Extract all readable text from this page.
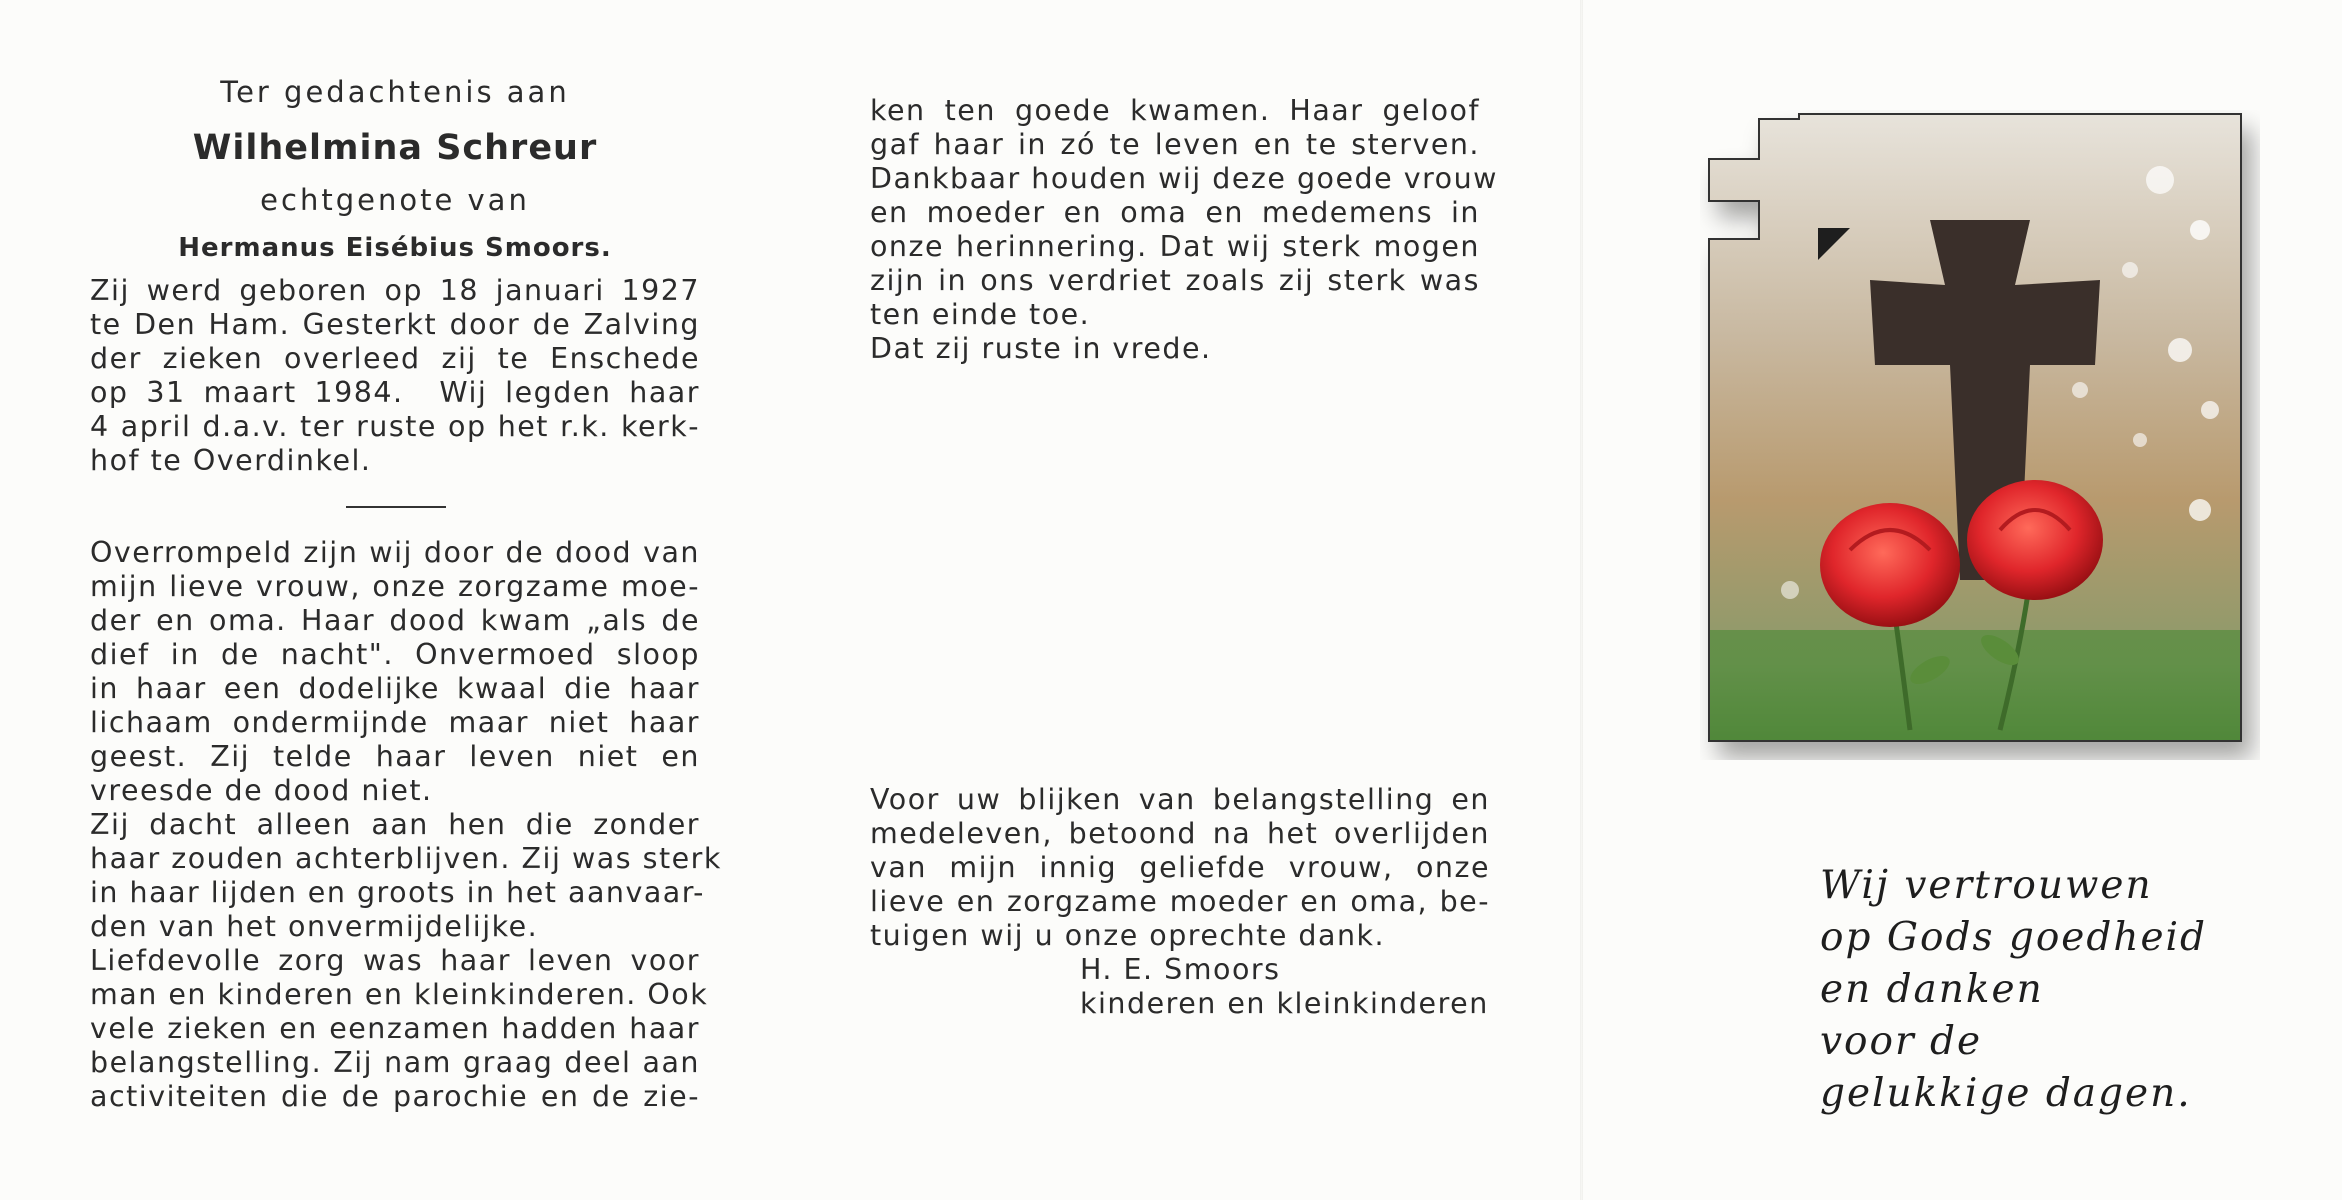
Ter gedachtenis aan
Wilhelmina Schreur
echtgenote van
Hermanus Eisébius Smoors.
Zij werd geboren op 18 januari 1927
te Den Ham. Gesterkt door de Zalving
der zieken overleed zij te Enschede
op 31 maart 1984.  Wij legden haar
4 april d.a.v. ter ruste op het r.k. kerk-
hof te Overdinkel.
Overrompeld zijn wij door de dood van
mijn lieve vrouw, onze zorgzame moe-
der en oma. Haar dood kwam „als de
dief in de nacht". Onvermoed sloop
in haar een dodelijke kwaal die haar
lichaam ondermijnde maar niet haar
geest. Zij telde haar leven niet en
vreesde de dood niet.
Zij dacht alleen aan hen die zonder
haar zouden achterblijven. Zij was sterk
in haar lijden en groots in het aanvaar-
den van het onvermijdelijke.
Liefdevolle zorg was haar leven voor
man en kinderen en kleinkinderen. Ook
vele zieken en eenzamen hadden haar
belangstelling. Zij nam graag deel aan
activiteiten die de parochie en de zie-
ken ten goede kwamen. Haar geloof
gaf haar in zó te leven en te sterven.
Dankbaar houden wij deze goede vrouw
en moeder en oma en medemens in
onze herinnering. Dat wij sterk mogen
zijn in ons verdriet zoals zij sterk was
ten einde toe.
Dat zij ruste in vrede.
Voor uw blijken van belangstelling en
medeleven, betoond na het overlijden
van mijn innig geliefde vrouw, onze
lieve en zorgzame moeder en oma, be-
tuigen wij u onze oprechte dank.
H. E. Smoors
kinderen en kleinkinderen
Wij vertrouwen
op Gods goedheid
en danken
voor de
gelukkige dagen.
